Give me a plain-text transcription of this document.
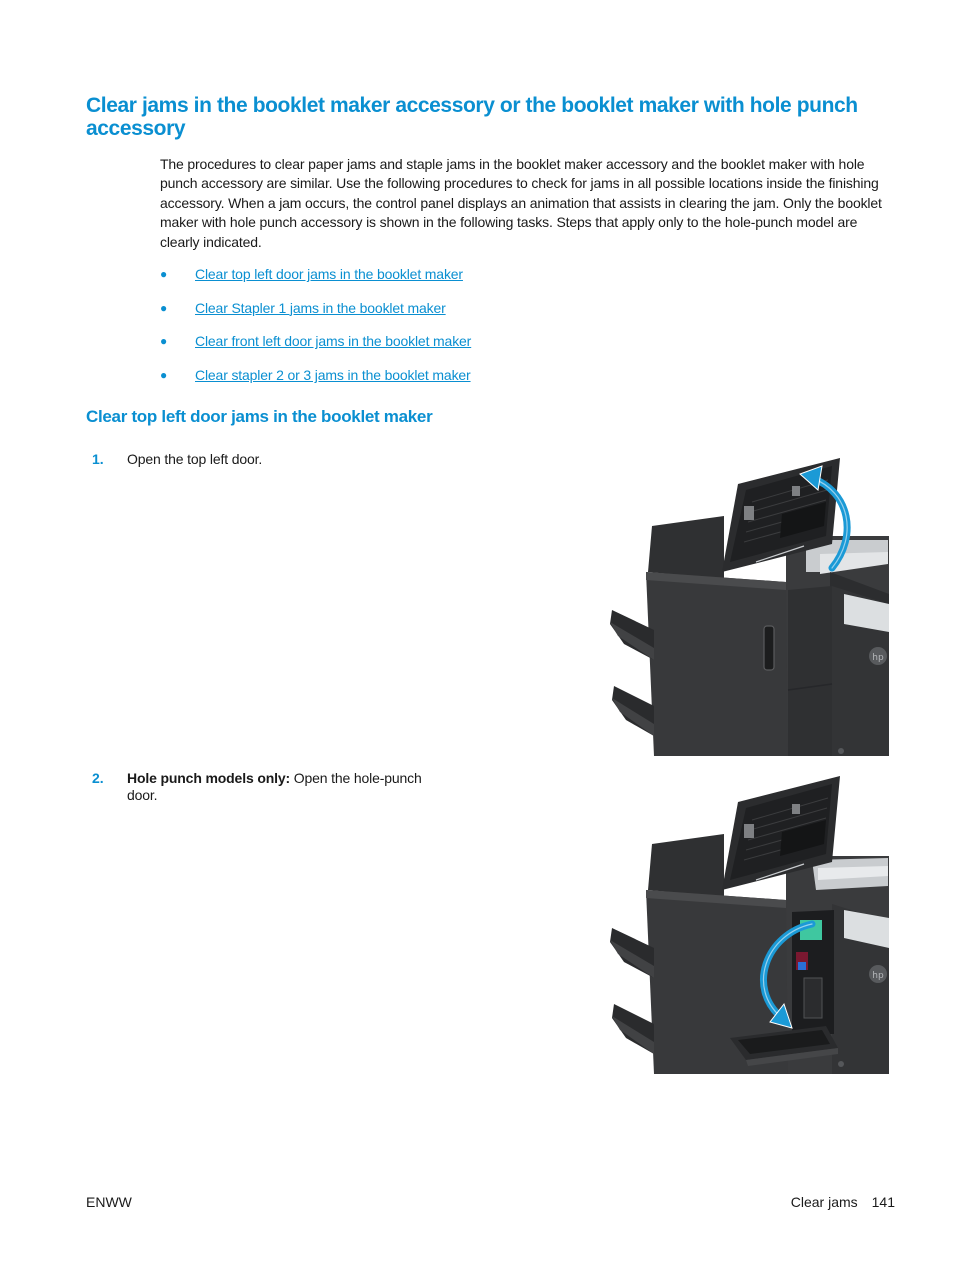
Clear jams in the booklet maker accessory or the booklet maker with hole punch accessory

The procedures to clear paper jams and staple jams in the booklet maker accessory and the booklet maker with hole punch accessory are similar. Use the following procedures to check for jams in all possible locations inside the finishing accessory. When a jam occurs, the control panel displays an animation that assists in clearing the jam. Only the booklet maker with hole punch accessory is shown in the following tasks. Steps that apply only to the hole-punch model are clearly indicated.

●	Clear top left door jams in the booklet maker
●	Clear Stapler 1 jams in the booklet maker
●	Clear front left door jams in the booklet maker
●	Clear stapler 2 or 3 jams in the booklet maker
Clear top left door jams in the booklet maker
1.	Open the top left door.
hp
2.	Hole punch models only: Open the hole-punch door.
hp
ENWW	Clear jams 141
